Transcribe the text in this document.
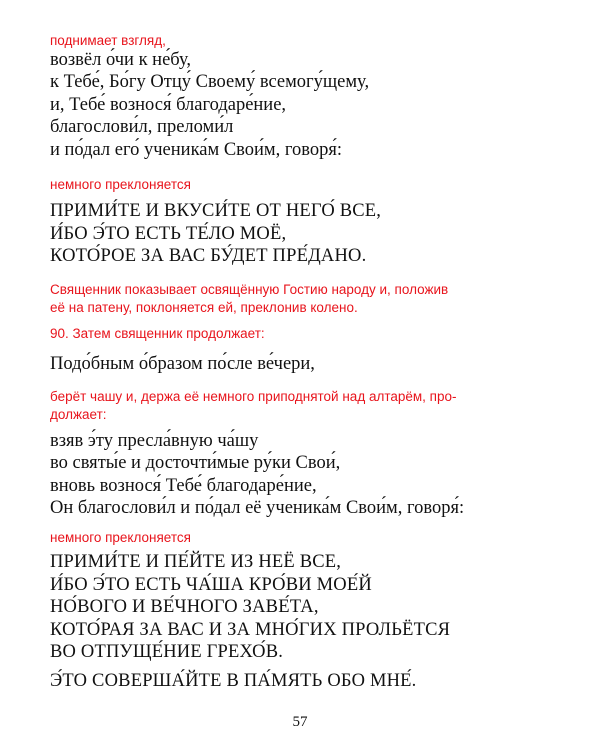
поднимает взгляд,

возвёл о́чи к не́бу,
к Тебе́, Бо́гу Отцу́ Своему́ всемогу́щему,
и, Тебе́ вознося́ благодаре́ние,
благослови́л, преломи́л
и по́дал его́ ученика́м Свои́м, говоря́:

немного преклоняется

ПРИМИ́ТЕ И ВКУСИ́ТЕ ОТ НЕГО́ ВСЕ,
И́БО Э́ТО ЕСТЬ ТЕ́ЛО МОЁ,
КОТО́РОЕ ЗА ВАС БУ́ДЕТ ПРЕ́ДАНО.

Священник показывает освящённую Гостию народу и, положив
её на патену, поклоняется ей, преклонив колено.

90. Затем священник продолжает:

Подо́бным о́бразом по́сле ве́чери,

берёт чашу и, держа её немного приподнятой над алтарём, про-
должает:

взяв э́ту пресла́вную ча́шу
во святы́е и досточти́мые ру́ки Свои́,
вновь вознося́ Тебе́ благодаре́ние,
Он благослови́л и по́дал её ученика́м Свои́м, говоря́:

немного преклоняется

ПРИМИ́ТЕ И ПЕ́ЙТЕ ИЗ НЕЁ ВСЕ,
И́БО Э́ТО ЕСТЬ ЧА́ША КРО́ВИ МОЕ́Й
НО́ВОГО И ВЕ́ЧНОГО ЗАВЕ́ТА,
КОТО́РАЯ ЗА ВАС И ЗА МНО́ГИХ ПРОЛЬЁТСЯ
ВО ОТПУЩЕ́НИЕ ГРЕХО́В.

Э́ТО СОВЕРША́ЙТЕ В ПА́МЯТЬ ОБО МНЕ́.

57
